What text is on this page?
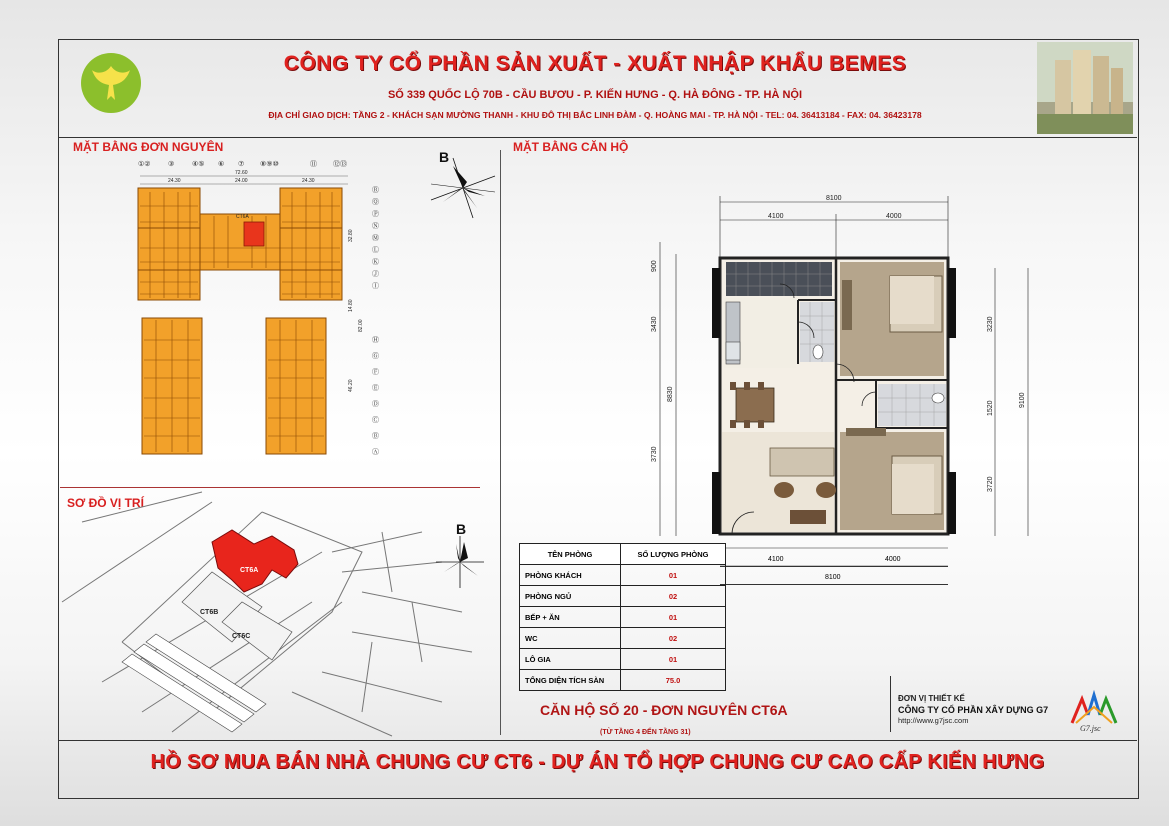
CÔNG TY CỔ PHẦN SẢN XUẤT - XUẤT NHẬP KHẨU BEMES
SỐ 339 QUỐC LỘ 70B - CẦU BƯƠU - P. KIẾN HƯNG - Q. HÀ ĐÔNG - TP. HÀ NỘI
ĐỊA CHỈ GIAO DỊCH: TẦNG 2 - KHÁCH SẠN MƯỜNG THANH - KHU ĐÔ THỊ BẮC LINH ĐÀM - Q. HOÀNG MAI - TP. HÀ NỘI - TEL: 04. 36413184 - FAX: 04. 36423178
MẶT BẰNG ĐƠN NGUYÊN	MẶT BẰNG CĂN HỘ
SƠ ĐỒ VỊ TRÍ
①② ③	④⑤ ⑥ ⑦ ⑧⑨⑩	⑪ ⑫⑬
72.60
24.30	24.00	24.30
CT6A
Ⓡ
Ⓠ
Ⓟ
Ⓝ
Ⓜ
Ⓛ
Ⓚ
Ⓙ
Ⓘ
Ⓗ
Ⓖ
Ⓕ
Ⓔ
Ⓓ
Ⓒ
Ⓑ
Ⓐ
32.80
14.80
82.00
46.20
B
CT6B
CT6C
CT6A
B
8100
4100	4000
900
3430
3730
8830
3230
1520
3720
9100
4100	4000
8100
TÊN PHÒNG	SỐ LƯỢNG PHÒNG
PHÒNG KHÁCH	01
PHÒNG NGỦ	02
BẾP + ĂN	01
WC	02
LÔ GIA	01
TỔNG DIỆN TÍCH SÀN	75.0
CĂN HỘ SỐ 20 - ĐƠN NGUYÊN CT6A
(TỪ TẦNG 4 ĐẾN TẦNG 31)
ĐƠN VỊ THIẾT KẾ
CÔNG TY CỔ PHẦN XÂY DỰNG G7
http://www.g7jsc.com
G7.jsc
HỒ SƠ MUA BÁN NHÀ CHUNG CƯ CT6 - DỰ ÁN TỔ HỢP CHUNG CƯ CAO CẤP KIẾN HƯNG
